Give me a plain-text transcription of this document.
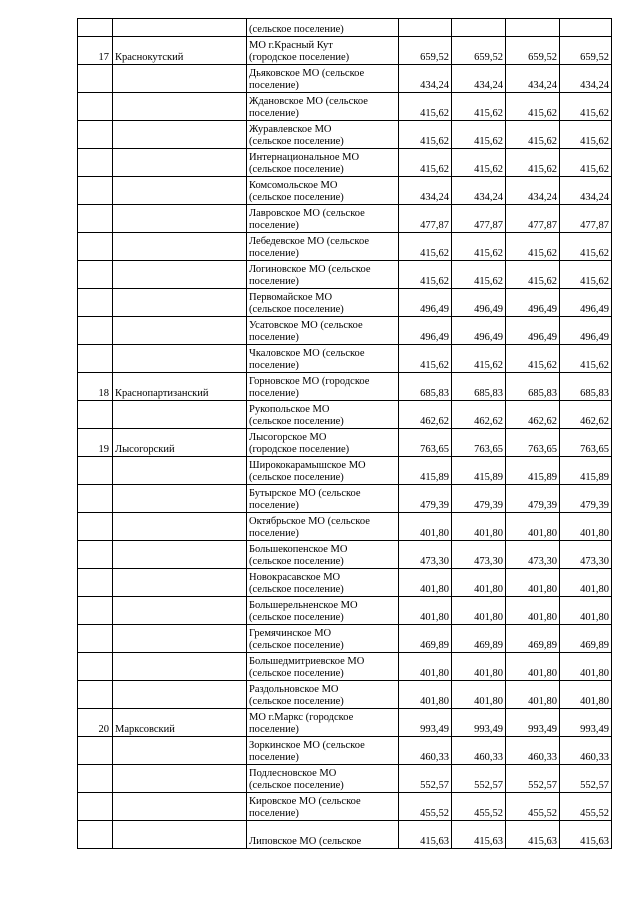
		(сельское поселение)				

17	Краснокутский	МО г.Красный Кут
(городское поселение)	659,52	659,52	659,52	659,52

		Дьяковское МО (сельское
поселение)	434,24	434,24	434,24	434,24

		Ждановское МО (сельское
поселение)	415,62	415,62	415,62	415,62

		Журавлевское МО
(сельское поселение)	415,62	415,62	415,62	415,62

		Интернациональное МО
(сельское поселение)	415,62	415,62	415,62	415,62

		Комсомольское МО
(сельское поселение)	434,24	434,24	434,24	434,24

		Лавровское МО (сельское
поселение)	477,87	477,87	477,87	477,87

		Лебедевское МО (сельское
поселение)	415,62	415,62	415,62	415,62

		Логиновское МО (сельское
поселение)	415,62	415,62	415,62	415,62

		Первомайское МО
(сельское поселение)	496,49	496,49	496,49	496,49

		Усатовское МО (сельское
поселение)	496,49	496,49	496,49	496,49

		Чкаловское МО (сельское
поселение)	415,62	415,62	415,62	415,62
18	Краснопартизанский	Горновское МО (городское
поселение)	685,83	685,83	685,83	685,83

		Рукопольское МО
(сельское поселение)	462,62	462,62	462,62	462,62
19	Лысогорский	Лысогорское МО
(городское поселение)	763,65	763,65	763,65	763,65

		Ширококарамышское МО
(сельское поселение)	415,89	415,89	415,89	415,89

		Бутырское МО (сельское
поселение)	479,39	479,39	479,39	479,39

		Октябрьское МО (сельское
поселение)	401,80	401,80	401,80	401,80

		Большекопенское МО
(сельское поселение)	473,30	473,30	473,30	473,30

		Новокрасавское МО
(сельское поселение)	401,80	401,80	401,80	401,80

		Большерельненское МО
(сельское поселение)	401,80	401,80	401,80	401,80

		Гремячинское МО
(сельское поселение)	469,89	469,89	469,89	469,89

		Большедмитриевское МО
(сельское поселение)	401,80	401,80	401,80	401,80

		Раздольновское МО
(сельское поселение)	401,80	401,80	401,80	401,80
20	Марксовский	МО г.Маркс (городское
поселение)	993,49	993,49	993,49	993,49

		Зоркинское МО (сельское
поселение)	460,33	460,33	460,33	460,33

		Подлесновское МО
(сельское поселение)	552,57	552,57	552,57	552,57

		Кировское МО (сельское
поселение)	455,52	455,52	455,52	455,52

		Липовское МО (сельское	415,63	415,63	415,63	415,63
